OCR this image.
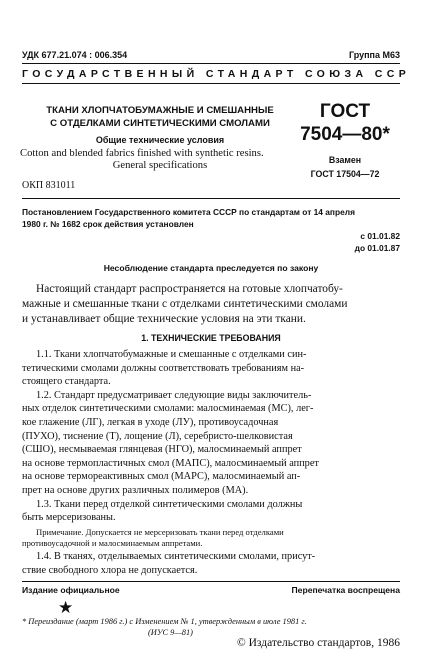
УДК 677.21.074 : 006.354	Группа М63
ГОСУДАРСТВЕННЫЙ СТАНДАРТ СОЮЗА ССР
ТКАНИ ХЛОПЧАТОБУМАЖНЫЕ И СМЕШАННЫЕ
С ОТДЕЛКАМИ СИНТЕТИЧЕСКИМИ СМОЛАМИ
Общие технические условия
Cotton and blended fabrics finished with synthetic resins.
General specifications
ГОСТ
7504—80*
Взамен
ГОСТ 17504—72
ОКП 831011
Постановлением Государственного комитета СССР по стандартам от 14 апреля
1980 г. № 1682 срок действия установлен
с 01.01.82
до 01.01.87
Несоблюдение стандарта преследуется по закону
Настоящий стандарт распространяется на готовые хлопчатобу-
мажные и смешанные ткани с отделками синтетическими смолами
и устанавливает общие технические условия на эти ткани.
1. ТЕХНИЧЕСКИЕ ТРЕБОВАНИЯ
1.1. Ткани хлопчатобумажные и смешанные с отделками син-
тетическими смолами должны соответствовать требованиям на-
стоящего стандарта.
1.2. Стандарт предусматривает следующие виды заключитель-
ных отделок синтетическими смолами: малосминаемая (МС), лег-
кое глажение (ЛГ), легкая в уходе (ЛУ), противоусадочная
(ПУХО), тиснение (Т), лощение (Л), серебристо-шелковистая
(СШО), несмываемая глянцевая (НГО), малосминаемый аппрет
на основе термопластичных смол (МАПС), малосминаемый аппрет
на основе термореактивных смол (МАРС), малосминаемый ап-
прет на основе других различных полимеров (МА).
1.3. Ткани перед отделкой синтетическими смолами должны
быть мерсеризованы.
Примечание. Допускается не мерсеризовать ткани перед отделками
противоусадочной и малосминаемым аппретами.
1.4. В тканях, отделываемых синтетическими смолами, присут-
ствие свободного хлора не допускается.
Издание официальное	Перепечатка воспрещена
★
* Переиздание (март 1986 г.) с Изменением № 1, утвержденным в июле 1981 г.
(ИУС 9—81)
© Издательство стандартов, 1986
